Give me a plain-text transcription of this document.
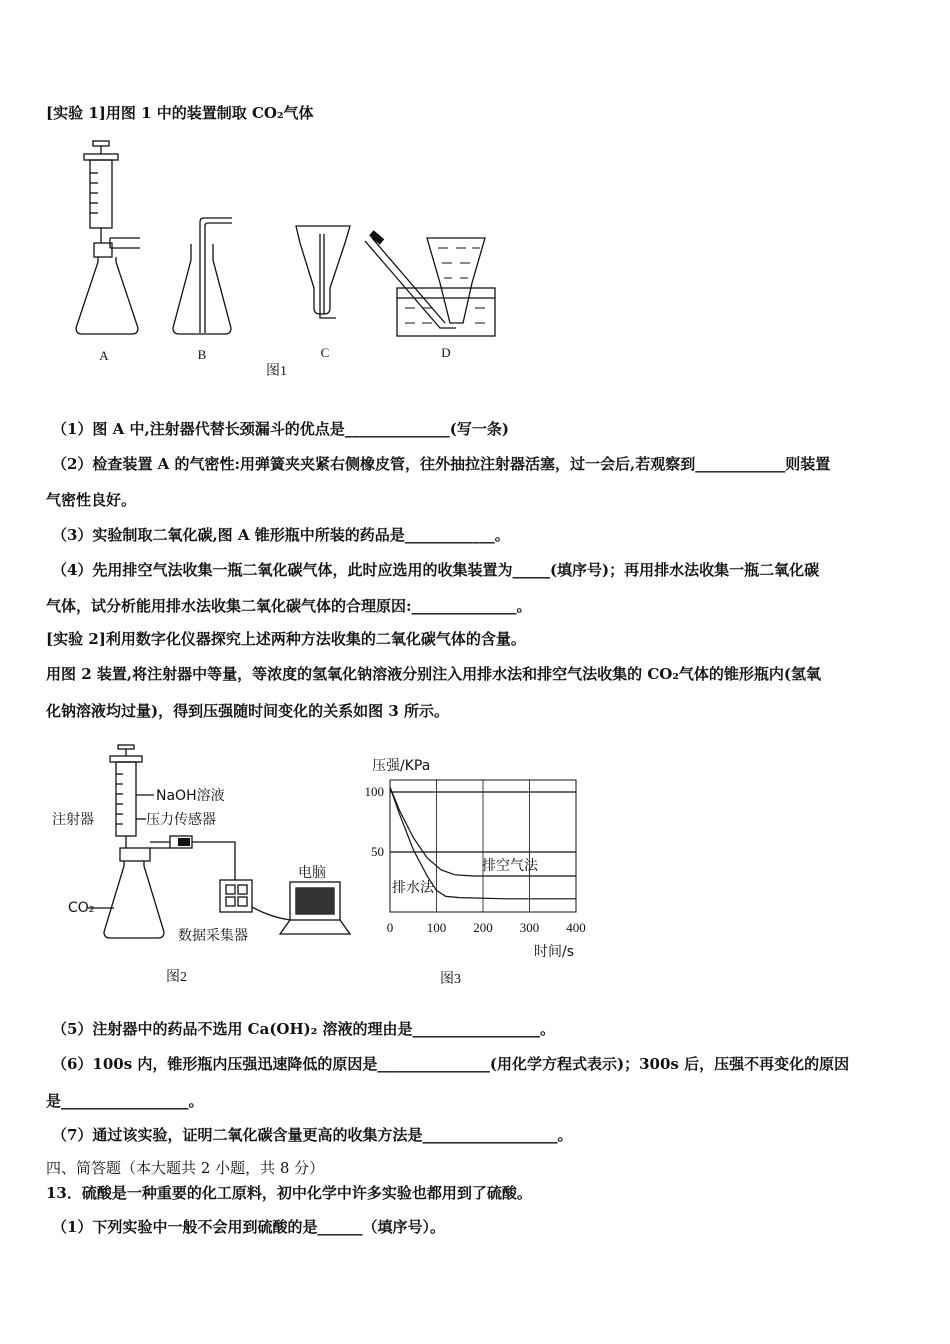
[实验 1]用图 1 中的装置制取 CO₂气体
A	B	C	D
图1
（1）图 A 中,注射器代替长颈漏斗的优点是______________(写一条)
（2）检查装置 A 的气密性:用弹簧夹夹紧右侧橡皮管，往外抽拉注射器活塞，过一会后,若观察到____________则装置
气密性良好。
（3）实验制取二氧化碳,图 A 锥形瓶中所装的药品是____________。
（4）先用排空气法收集一瓶二氧化碳气体，此时应选用的收集装置为_____(填序号)；再用排水法收集一瓶二氧化碳
气体，试分析能用排水法收集二氧化碳气体的合理原因:______________。
[实验 2]利用数字化仪器探究上述两种方法收集的二氧化碳气体的含量。
用图 2 装置,将注射器中等量，等浓度的氢氧化钠溶液分别注入用排水法和排空气法收集的 CO₂气体的锥形瓶内(氢氧
化钠溶液均过量)，得到压强随时间变化的关系如图 3 所示。
NaOH溶液
注射器	压力传感器
电脑
CO₂
数据采集器
图2
压强/KPa
时间/s
0	100 200 300 400
50
100
排空气法
排水法
图3
（5）注射器中的药品不选用 Ca(OH)₂ 溶液的理由是_________________。
（6）100s 内，锥形瓶内压强迅速降低的原因是_______________(用化学方程式表示)；300s 后，压强不再变化的原因
是_________________。
（7）通过该实验，证明二氧化碳含量更高的收集方法是__________________。
四、简答题（本大题共 2 小题，共 8 分）
13．硫酸是一种重要的化工原料，初中化学中许多实验也都用到了硫酸。
（1）下列实验中一般不会用到硫酸的是______（填序号）。
